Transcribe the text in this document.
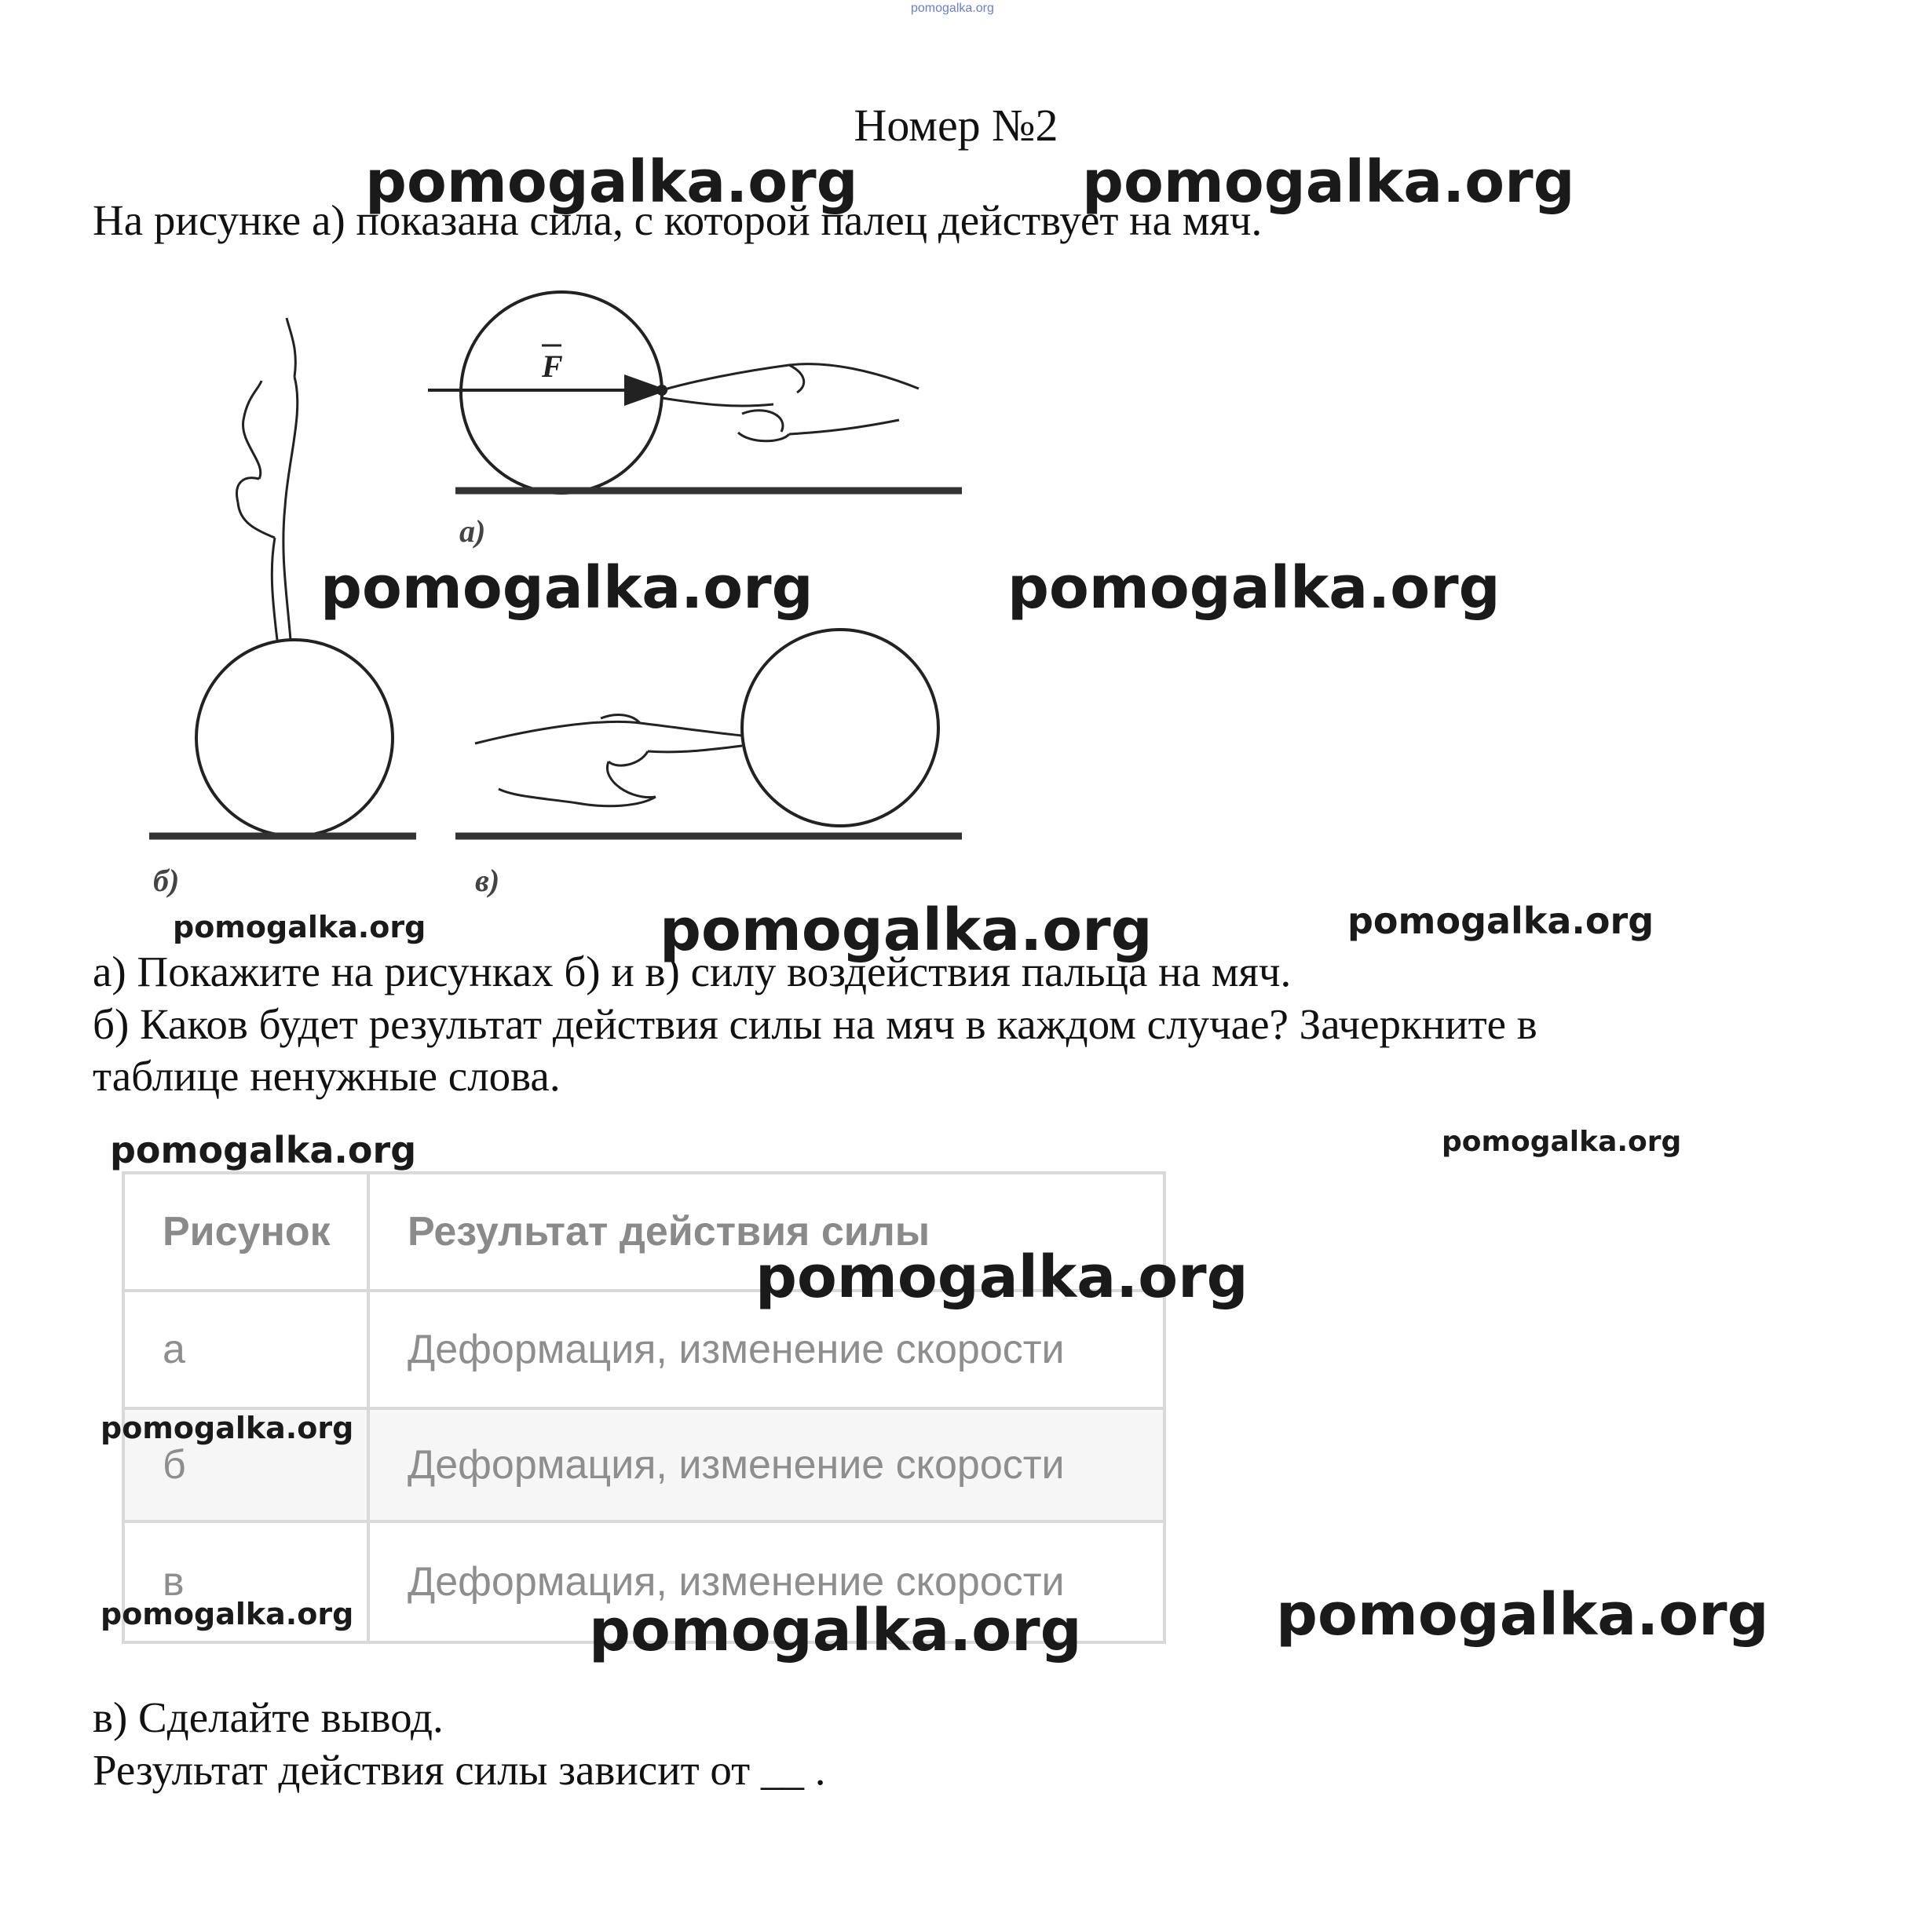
pomogalka.org
Номер №2
На рисунке а) показана сила, с которой палец действует на мяч.
F
а)
б)	в)
а) Покажите на рисунках б) и в) силу воздействия пальца на мяч.
б) Каков будет результат действия силы на мяч в каждом случае? Зачеркните в
таблице ненужные слова.
Рисунок	Результат действия силы
а	Деформация, изменение скорости
б	Деформация, изменение скорости
в	Деформация, изменение скорости
в) Сделайте вывод.
Результат действия силы зависит от __ .
pomogalka.org	pomogalka.org
pomogalka.org	pomogalka.org
pomogalka.org	pomogalka.org	pomogalka.org
pomogalka.org	pomogalka.org
pomogalka.org
pomogalka.org
pomogalka.org	pomogalka.org	pomogalka.org
